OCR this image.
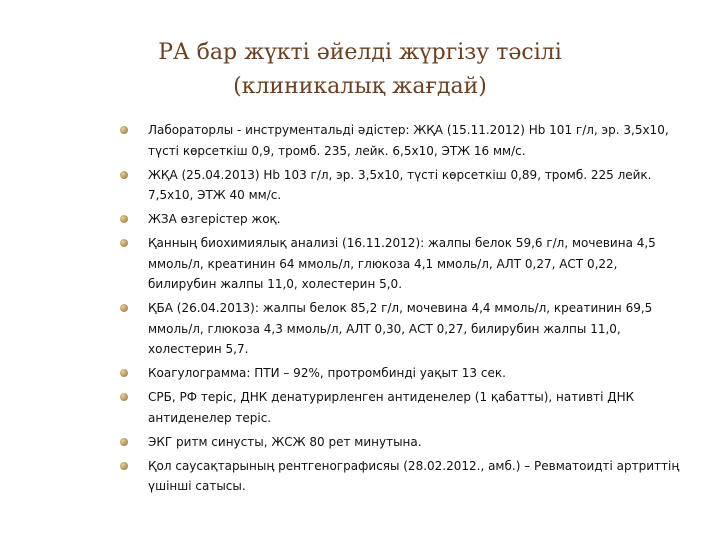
РА бар жүкті әйелді жүргізу тәсілі
(клиникалық жағдай)
Лабораторлы - инструментальді әдістер: ЖҚА (15.11.2012) Hb 101 г/л, эр. 3,5х10, түсті көрсеткіш 0,9, тромб. 235, лейк. 6,5х10, ЭТЖ 16 мм/с.
ЖҚА (25.04.2013) Hb 103 г/л, эр. 3,5х10, түсті көрсеткіш 0,89, тромб. 225 лейк. 7,5х10, ЭТЖ 40 мм/с.
ЖЗА өзгерістер жоқ.
Қанның биохимиялық анализі (16.11.2012): жалпы белок 59,6 г/л, мочевина 4,5 ммоль/л, креатинин 64 ммоль/л, глюкоза 4,1 ммоль/л, АЛТ 0,27, АСТ 0,22, билирубин жалпы 11,0, холестерин 5,0.
ҚБА (26.04.2013): жалпы белок 85,2 г/л, мочевина 4,4 ммоль/л, креатинин 69,5 ммоль/л, глюкоза 4,3 ммоль/л, АЛТ 0,30, АСТ 0,27, билирубин жалпы 11,0, холестерин 5,7.
Коагулограмма: ПТИ – 92%, протромбинді уақыт 13 сек.
СРБ, РФ теріс, ДНК денатурирленген антиденелер (1 қабатты), нативті ДНК антиденелер теріс.
ЭКГ ритм синусты, ЖСЖ 80 рет минутына.
Қол саусақтарының рентгенографисяы (28.02.2012., амб.) – Ревматоидті артриттің үшінші сатысы.
